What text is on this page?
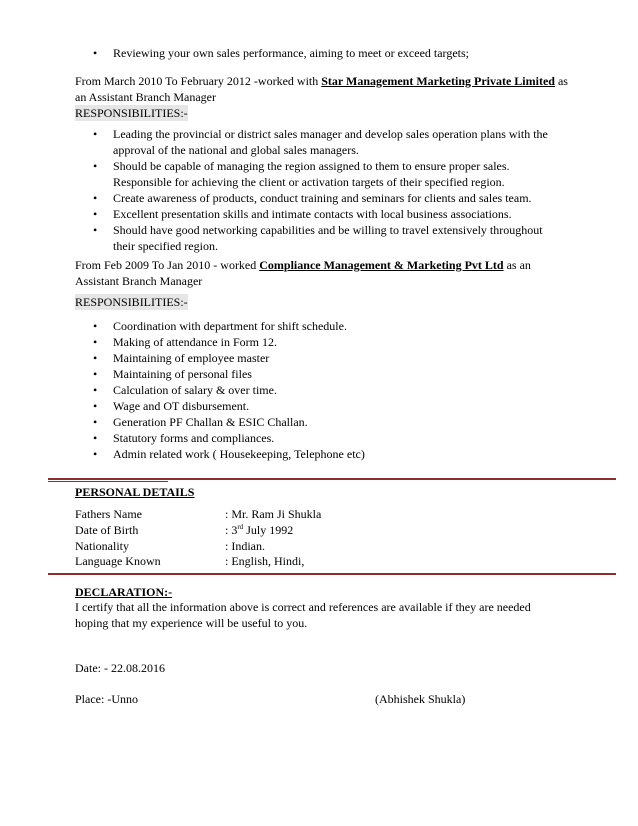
• Reviewing your own sales performance, aiming to meet or exceed targets;
From March 2010 To February 2012 -worked with Star Management Marketing Private Limited as an Assistant Branch Manager
RESPONSIBILITIES:-
• Leading the provincial or district sales manager and develop sales operation plans with the approval of the national and global sales managers.
• Should be capable of managing the region assigned to them to ensure proper sales. Responsible for achieving the client or activation targets of their specified region.
• Create awareness of products, conduct training and seminars for clients and sales team.
• Excellent presentation skills and intimate contacts with local business associations.
• Should have good networking capabilities and be willing to travel extensively throughout their specified region.
From Feb 2009 To Jan 2010 - worked Compliance Management & Marketing Pvt Ltd as an Assistant Branch Manager
RESPONSIBILITIES:-
• Coordination with department for shift schedule.
• Making of attendance in Form 12.
• Maintaining of employee master
• Maintaining of personal files
• Calculation of salary & over time.
• Wage and OT disbursement.
• Generation PF Challan & ESIC Challan.
• Statutory forms and compliances.
• Admin related work ( Housekeeping, Telephone etc)
PERSONAL DETAILS
Fathers Name	: Mr. Ram Ji Shukla
Date of Birth	: 3rd July 1992
Nationality	: Indian.
Language Known	: English, Hindi,
DECLARATION:-
I certify that all the information above is correct and references are available if they are needed hoping that my experience will be useful to you.
Date: - 22.08.2016
Place: -Unno	(Abhishek Shukla)
